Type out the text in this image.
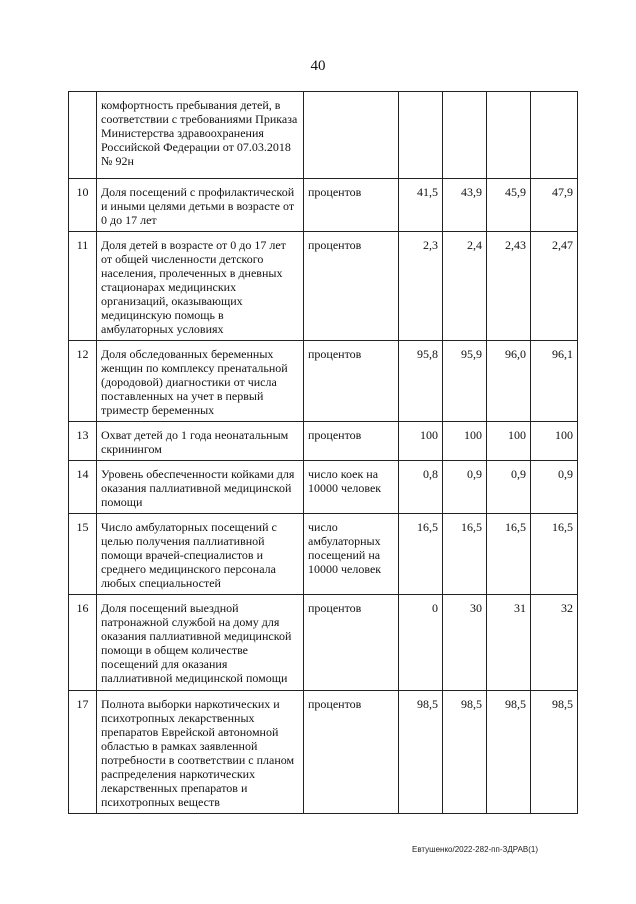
40
	комфортность пребывания детей, в соответствии с требованиями Приказа Министерства здравоохранения Российской Федерации от 07.03.2018 № 92н					
10	Доля посещений с профилактической и иными целями детьми в возрасте от 0 до 17 лет	процентов	41,5	43,9	45,9	47,9
11	Доля детей в возрасте от 0 до 17 лет от общей численности детского населения, пролеченных в дневных стационарах медицинских организаций, оказывающих медицинскую помощь в амбулаторных условиях	процентов	2,3	2,4	2,43	2,47
12	Доля обследованных беременных женщин по комплексу пренатальной (дородовой) диагностики от числа поставленных на учет в первый триместр беременных	процентов	95,8	95,9	96,0	96,1
13	Охват детей до 1 года неонатальным скринингом	процентов	100	100	100	100
14	Уровень обеспеченности койками для оказания паллиативной медицинской помощи	число коек на 10000 человек	0,8	0,9	0,9	0,9
15	Число амбулаторных посещений с целью получения паллиативной помощи врачей-специалистов и среднего медицинского персонала любых специальностей	число амбулаторных посещений на 10000 человек	16,5	16,5	16,5	16,5
16	Доля посещений выездной патронажной службой на дому для оказания паллиативной медицинской помощи в общем количестве посещений для оказания паллиативной медицинской помощи	процентов	0	30	31	32
17	Полнота выборки наркотических и психотропных лекарственных препаратов Еврейской автономной областью в рамках заявленной потребности в соответствии с планом распределения наркотических лекарственных препаратов и психотропных веществ	процентов	98,5	98,5	98,5	98,5
Евтушенко/2022-282-пп-ЗДРАВ(1)
